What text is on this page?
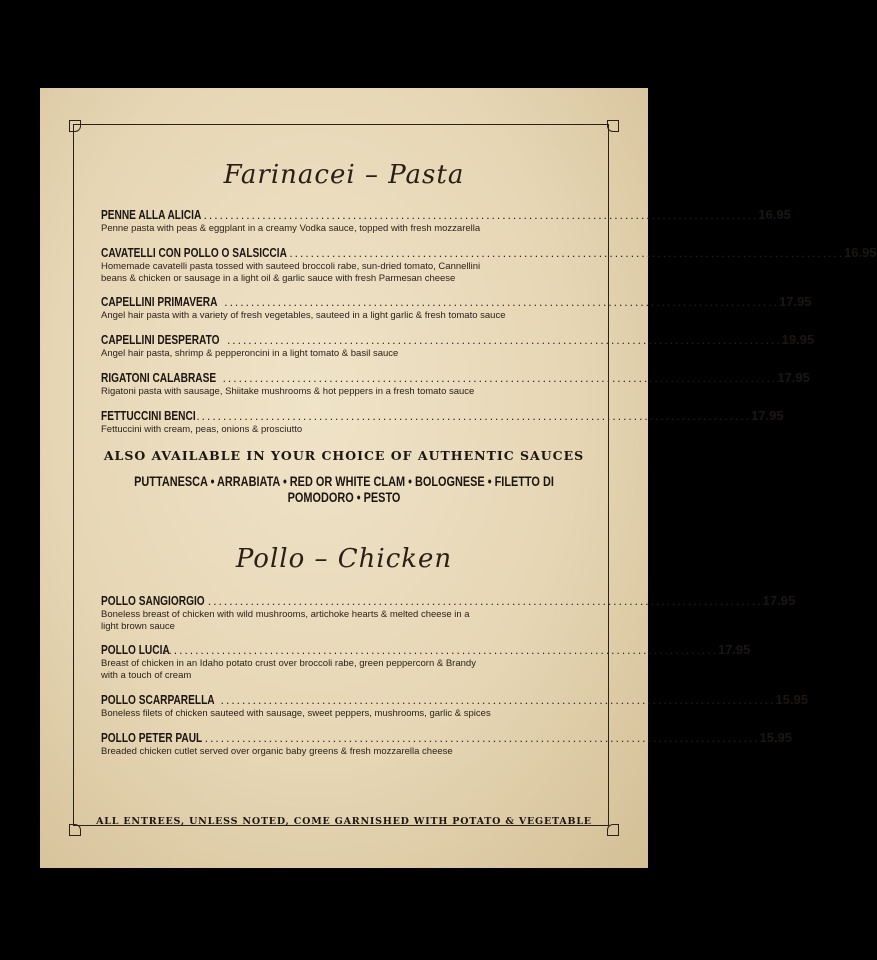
Farinacei – Pasta
PENNE ALLA ALICIA ........................................................................................................ 16.95
Penne pasta with peas & eggplant in a creamy Vodka sauce, topped with fresh mozzarella
CAVATELLI CON POLLO O SALSICCIA ........................................................................................................ 16.95
Homemade cavatelli pasta tossed with sauteed broccoli rabe, sun-dried tomato, Cannellini beans & chicken or sausage in a light oil & garlic sauce with fresh Parmesan cheese
CAPELLINI PRIMAVERA ........................................................................................................ 17.95
Angel hair pasta with a variety of fresh vegetables, sauteed in a light garlic & fresh tomato sauce
CAPELLINI DESPERATO ........................................................................................................ 19.95
Angel hair pasta, shrimp & pepperoncini in a light tomato & basil sauce
RIGATONI CALABRASE ........................................................................................................ 17.95
Rigatoni pasta with sausage, Shiitake mushrooms & hot peppers in a fresh tomato sauce
FETTUCCINI BENCI ........................................................................................................ 17.95
Fettuccini with cream, peas, onions & prosciutto
ALSO AVAILABLE IN YOUR CHOICE OF AUTHENTIC SAUCES
PUTTANESCA • ARRABIATA • RED OR WHITE CLAM • BOLOGNESE • FILETTO DI POMODORO • PESTO
Pollo – Chicken
POLLO SANGIORGIO ........................................................................................................ 17.95
Boneless breast of chicken with wild mushrooms, artichoke hearts & melted cheese in a light brown sauce
POLLO LUCIA
........................................................................................................ 17.95
Breast of chicken in an Idaho potato crust over broccoli rabe, green peppercorn & Brandy with a touch of cream
POLLO SCARPARELLA ........................................................................................................ 15.95
Boneless filets of chicken sauteed with sausage, sweet peppers, mushrooms, garlic & spices
POLLO PETER PAUL ........................................................................................................ 15.95
Breaded chicken cutlet served over organic baby greens & fresh mozzarella cheese
ALL ENTREES, UNLESS NOTED, COME GARNISHED WITH POTATO & VEGETABLE
